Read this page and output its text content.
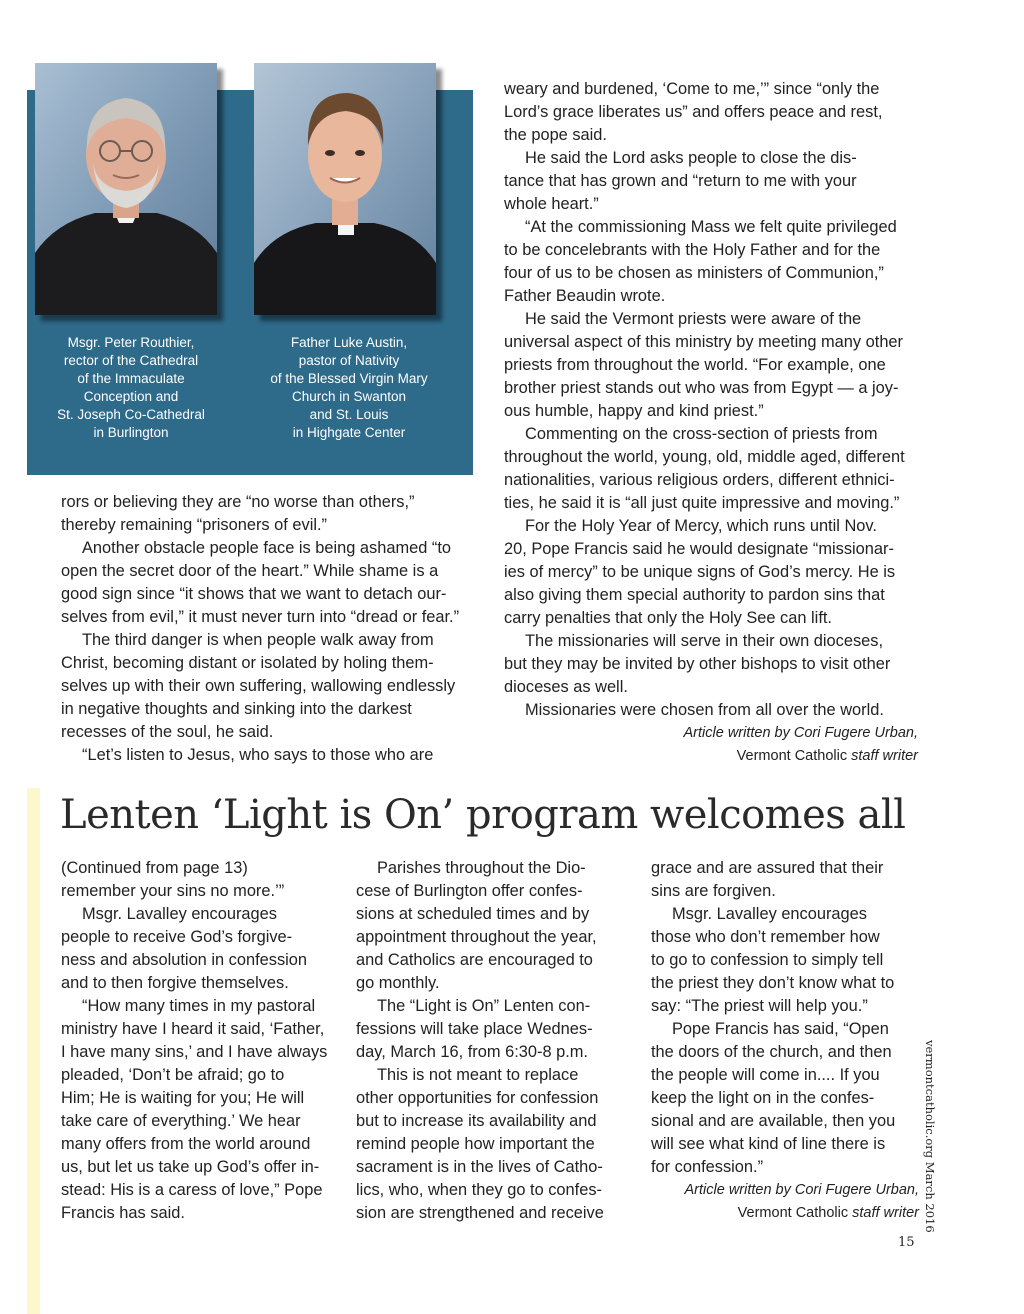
Msgr. Peter Routhier,
rector of the Cathedral
of the Immaculate
Conception and
St. Joseph Co-Cathedral
in Burlington
Father Luke Austin,
pastor of Nativity
of the Blessed Virgin Mary
Church in Swanton
and St. Louis
in Highgate Center
weary and burdened, ‘Come to me,’” since “only the
Lord’s grace liberates us” and offers peace and rest,
the pope said.
He said the Lord asks people to close the dis-
tance that has grown and “return to me with your
whole heart.”
“At the commissioning Mass we felt quite privileged
to be concelebrants with the Holy Father and for the
four of us to be chosen as ministers of Communion,”
Father Beaudin wrote.
He said the Vermont priests were aware of the
universal aspect of this ministry by meeting many other
priests from throughout the world. “For example, one
brother priest stands out who was from Egypt — a joy-
ous humble, happy and kind priest.”
Commenting on the cross-section of priests from
throughout the world, young, old, middle aged, different
nationalities, various religious orders, different ethnici-
ties, he said it is “all just quite impressive and moving.”
For the Holy Year of Mercy, which runs until Nov.
20, Pope Francis said he would designate “missionar-
ies of mercy” to be unique signs of God’s mercy. He is
also giving them special authority to pardon sins that
carry penalties that only the Holy See can lift.
The missionaries will serve in their own dioceses,
but they may be invited by other bishops to visit other
dioceses as well.
Missionaries were chosen from all over the world.
Article written by Cori Fugere Urban,
Vermont Catholic staff writer
rors or believing they are “no worse than others,”
thereby remaining “prisoners of evil.”
Another obstacle people face is being ashamed “to
open the secret door of the heart.” While shame is a
good sign since “it shows that we want to detach our-
selves from evil,” it must never turn into “dread or fear.”
The third danger is when people walk away from
Christ, becoming distant or isolated by holing them-
selves up with their own suffering, wallowing endlessly
in negative thoughts and sinking into the darkest
recesses of the soul, he said.
“Let’s listen to Jesus, who says to those who are
Lenten ‘Light is On’ program welcomes all
(Continued from page 13)
remember your sins no more.’”
Msgr. Lavalley encourages
people to receive God’s forgive-
ness and absolution in confession
and to then forgive themselves.
“How many times in my pastoral
ministry have I heard it said, ‘Father,
I have many sins,’ and I have always
pleaded, ‘Don’t be afraid; go to
Him; He is waiting for you; He will
take care of everything.’ We hear
many offers from the world around
us, but let us take up God’s offer in-
stead: His is a caress of love,” Pope
Francis has said.
Parishes throughout the Dio-
cese of Burlington offer confes-
sions at scheduled times and by
appointment throughout the year,
and Catholics are encouraged to
go monthly.
The “Light is On” Lenten con-
fessions will take place Wednes-
day, March 16, from 6:30-8 p.m.
This is not meant to replace
other opportunities for confession
but to increase its availability and
remind people how important the
sacrament is in the lives of Catho-
lics, who, when they go to confes-
sion are strengthened and receive
grace and are assured that their
sins are forgiven.
Msgr. Lavalley encourages
those who don’t remember how
to go to confession to simply tell
the priest they don’t know what to
say: “The priest will help you.”
Pope Francis has said, “Open
the doors of the church, and then
the people will come in.... If you
keep the light on in the confes-
sional and are available, then you
will see what kind of line there is
for confession.”
Article written by Cori Fugere Urban,
Vermont Catholic staff writer vermontcatholic.org March 2016
15
